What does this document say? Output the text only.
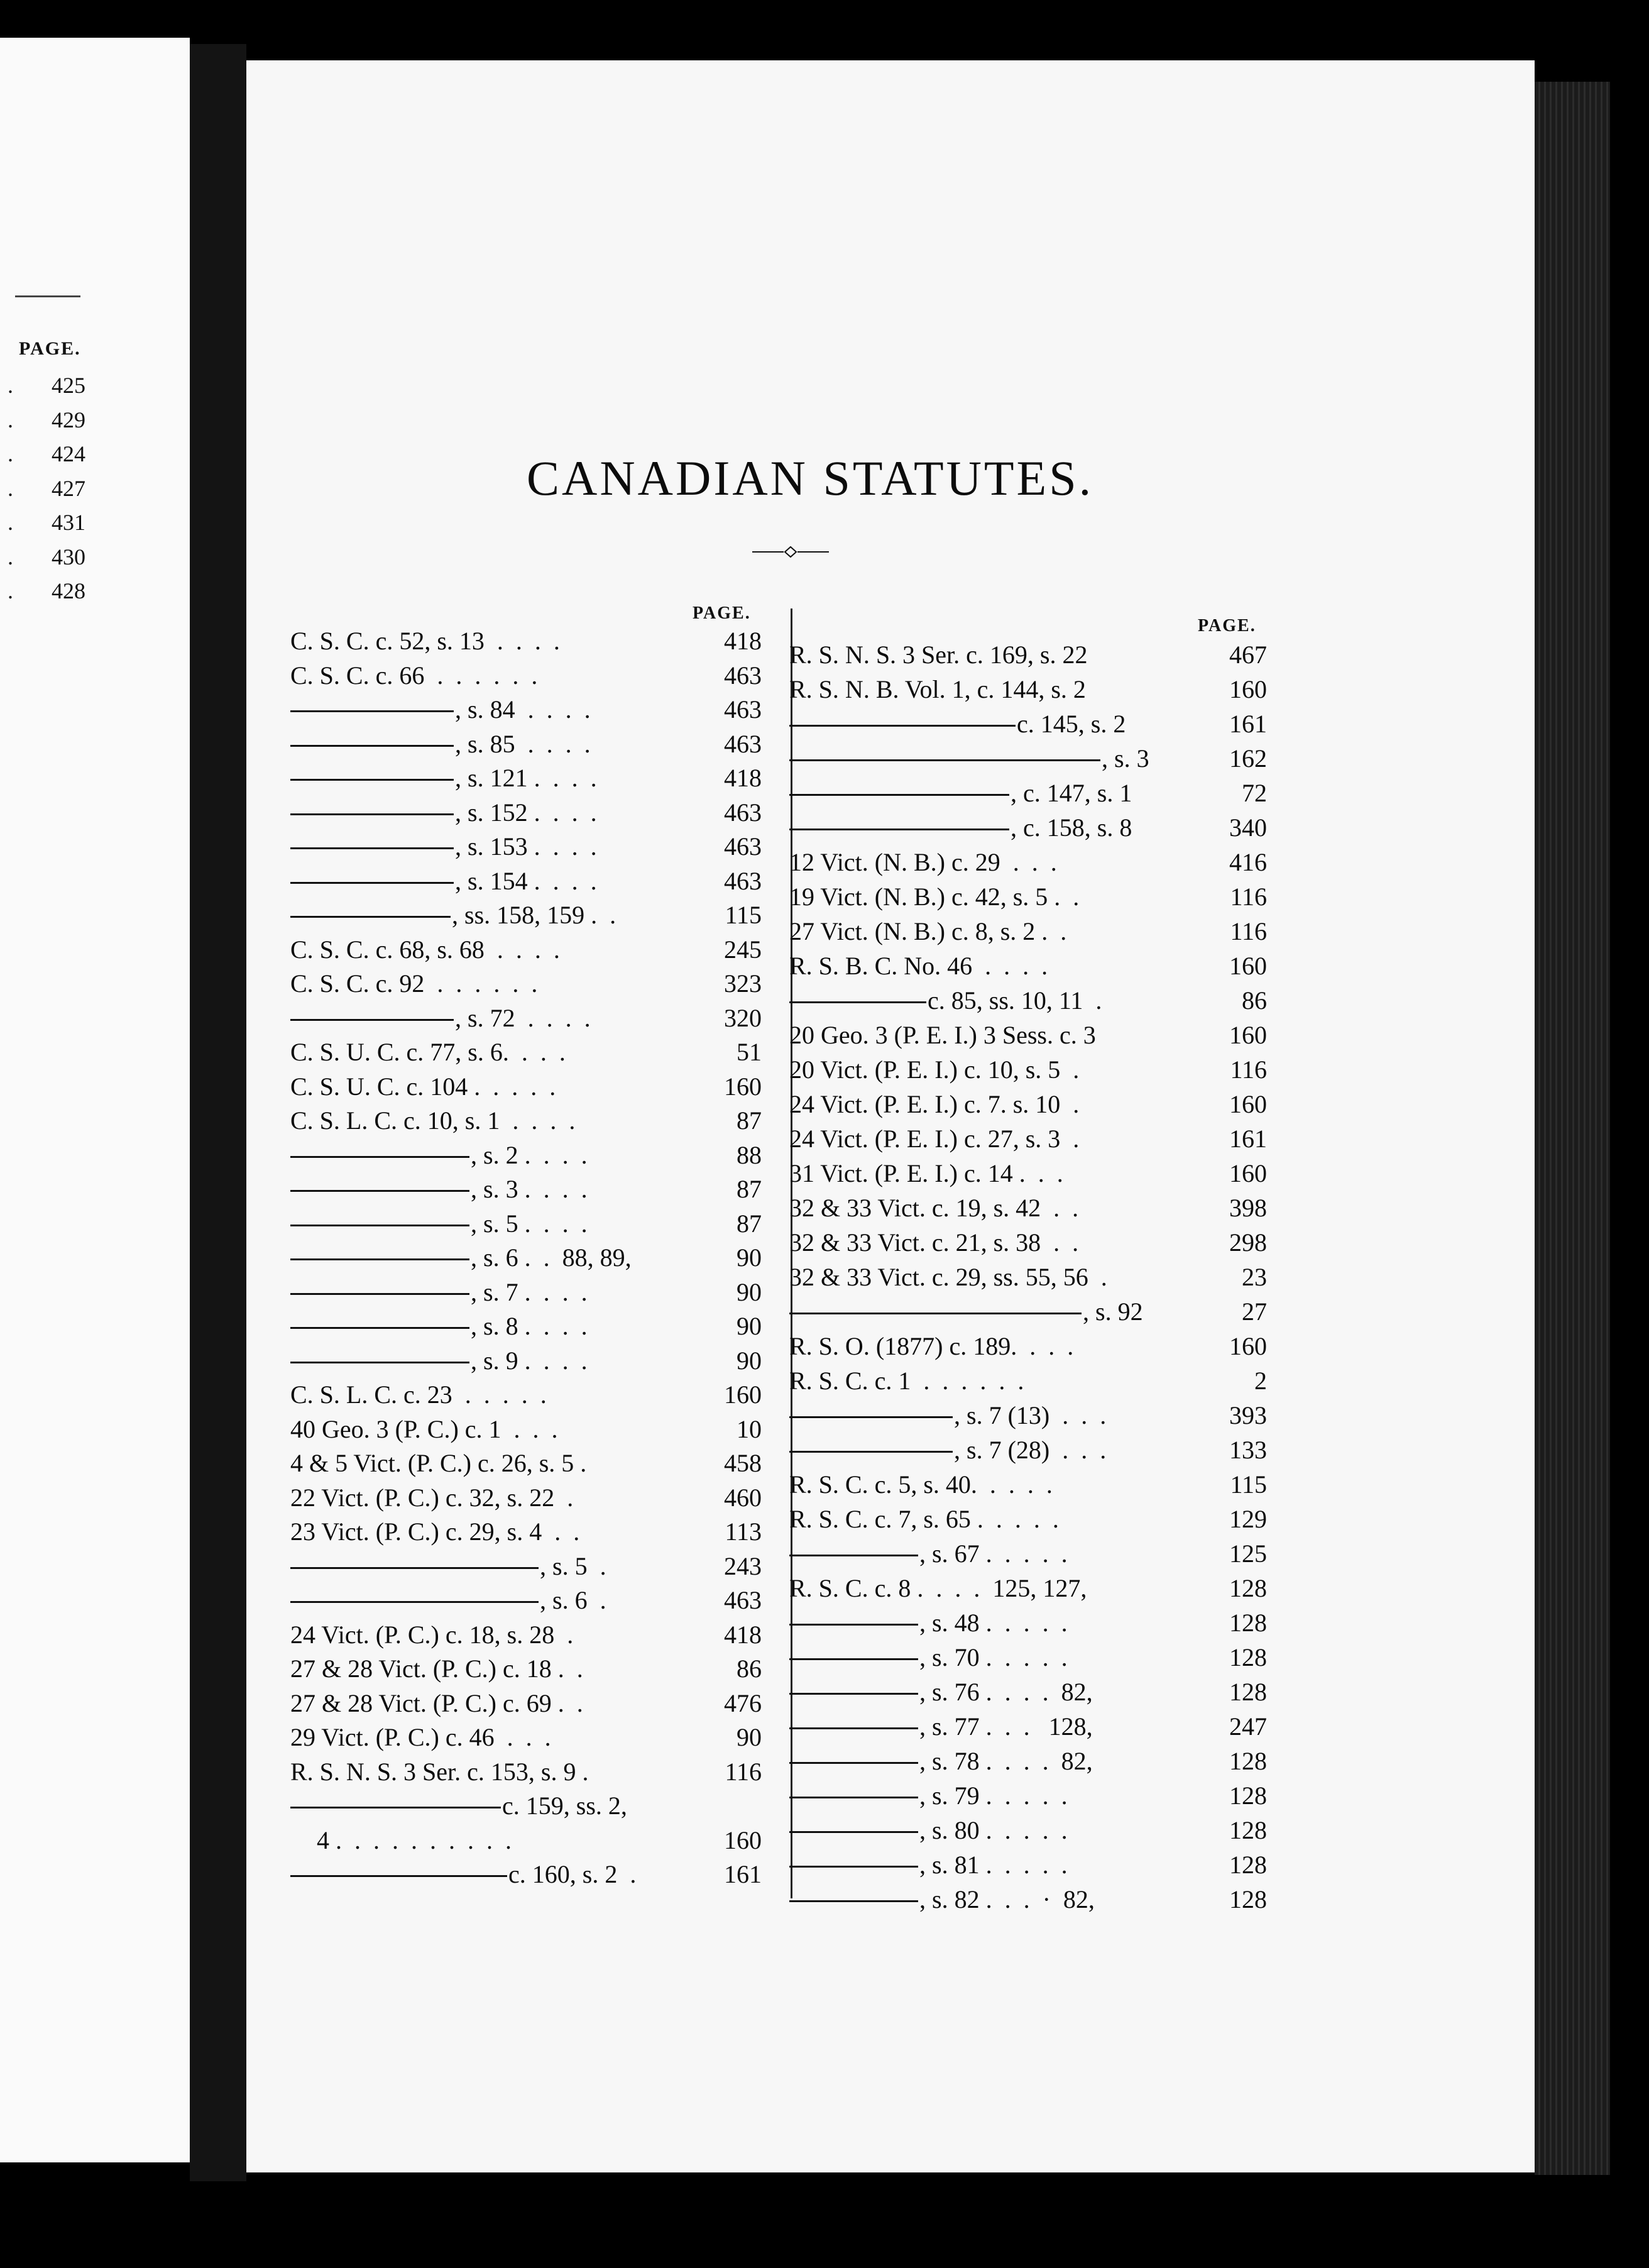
PAGE.
. 425
. 429
. 424
. 427
. 431
. 430
. 428
CANADIAN STATUTES.
PAGE.
PAGE.
C. S. C. c. 52, s. 13  .  .  .  .	418
C. S. C. c. 66  .  .  .  .  .  .	463
, s. 84  .  .  .  .	463
, s. 85  .  .  .  .	463
, s. 121 .  .  .  .	418
, s. 152 .  .  .  .	463
, s. 153 .  .  .  .	463
, s. 154 .  .  .  .	463
, ss. 158, 159 .  .	115
C. S. C. c. 68, s. 68  .  .  .  .	245
C. S. C. c. 92  .  .  .  .  .  .	323
, s. 72  .  .  .  .	320
C. S. U. C. c. 77, s. 6.  .  .  .	51
C. S. U. C. c. 104 .  .  .  .  .	160
C. S. L. C. c. 10, s. 1  .  .  .  .	87
, s. 2 .  .  .  .	88
, s. 3 .  .  .  .	87
, s. 5 .  .  .  .	87
, s. 6 .  .  88, 89,	90
, s. 7 .  .  .  .	90
, s. 8 .  .  .  .	90
, s. 9 .  .  .  .	90
C. S. L. C. c. 23  .  .  .  .  .	160
40 Geo. 3 (P. C.) c. 1  .  .  .	10
4 & 5 Vict. (P. C.) c. 26, s. 5 .	458
22 Vict. (P. C.) c. 32, s. 22  .	460
23 Vict. (P. C.) c. 29, s. 4  .  .	113
, s. 5  .	243
, s. 6  .	463
24 Vict. (P. C.) c. 18, s. 28  .	418
27 & 28 Vict. (P. C.) c. 18 .  .	86
27 & 28 Vict. (P. C.) c. 69 .  .	476
29 Vict. (P. C.) c. 46  .  .  .	90
R. S. N. S. 3 Ser. c. 153, s. 9 .	116
c. 159, ss. 2,
4 .  .  .  .  .  .  .  .  .  .	160
c. 160, s. 2  .	161
R. S. N. S. 3 Ser. c. 169, s. 22	467
R. S. N. B. Vol. 1, c. 144, s. 2	160
c. 145, s. 2	161
, s. 3	162
, c. 147, s. 1	72
, c. 158, s. 8	340
12 Vict. (N. B.) c. 29  .  .  .	416
19 Vict. (N. B.) c. 42, s. 5 .  .	116
27 Vict. (N. B.) c. 8, s. 2 .  .	116
R. S. B. C. No. 46  .  .  .  .	160
c. 85, ss. 10, 11  .	86
20 Geo. 3 (P. E. I.) 3 Sess. c. 3	160
20 Vict. (P. E. I.) c. 10, s. 5  .	116
24 Vict. (P. E. I.) c. 7. s. 10  .	160
24 Vict. (P. E. I.) c. 27, s. 3  .	161
31 Vict. (P. E. I.) c. 14 .  .  .	160
32 & 33 Vict. c. 19, s. 42  .  .	398
32 & 33 Vict. c. 21, s. 38  .  .	298
32 & 33 Vict. c. 29, ss. 55, 56  .	23
, s. 92	27
R. S. O. (1877) c. 189.  .  .  .	160
R. S. C. c. 1  .  .  .  .  .  .	2
, s. 7 (13)  .  .  .	393
, s. 7 (28)  .  .  .	133
R. S. C. c. 5, s. 40.  .  .  .  .	115
R. S. C. c. 7, s. 65 .  .  .  .  .	129
, s. 67 .  .  .  .  .	125
R. S. C. c. 8 .  .  .  .  125, 127,	128
, s. 48 .  .  .  .  .	128
, s. 70 .  .  .  .  .	128
, s. 76 .  .  .  .  82,	128
, s. 77 .  .  .   128,	247
, s. 78 .  .  .  .  82,	128
, s. 79 .  .  .  .  .	128
, s. 80 .  .  .  .  .	128
, s. 81 .  .  .  .  .	128
, s. 82 .  .  .  ·  82,	128
